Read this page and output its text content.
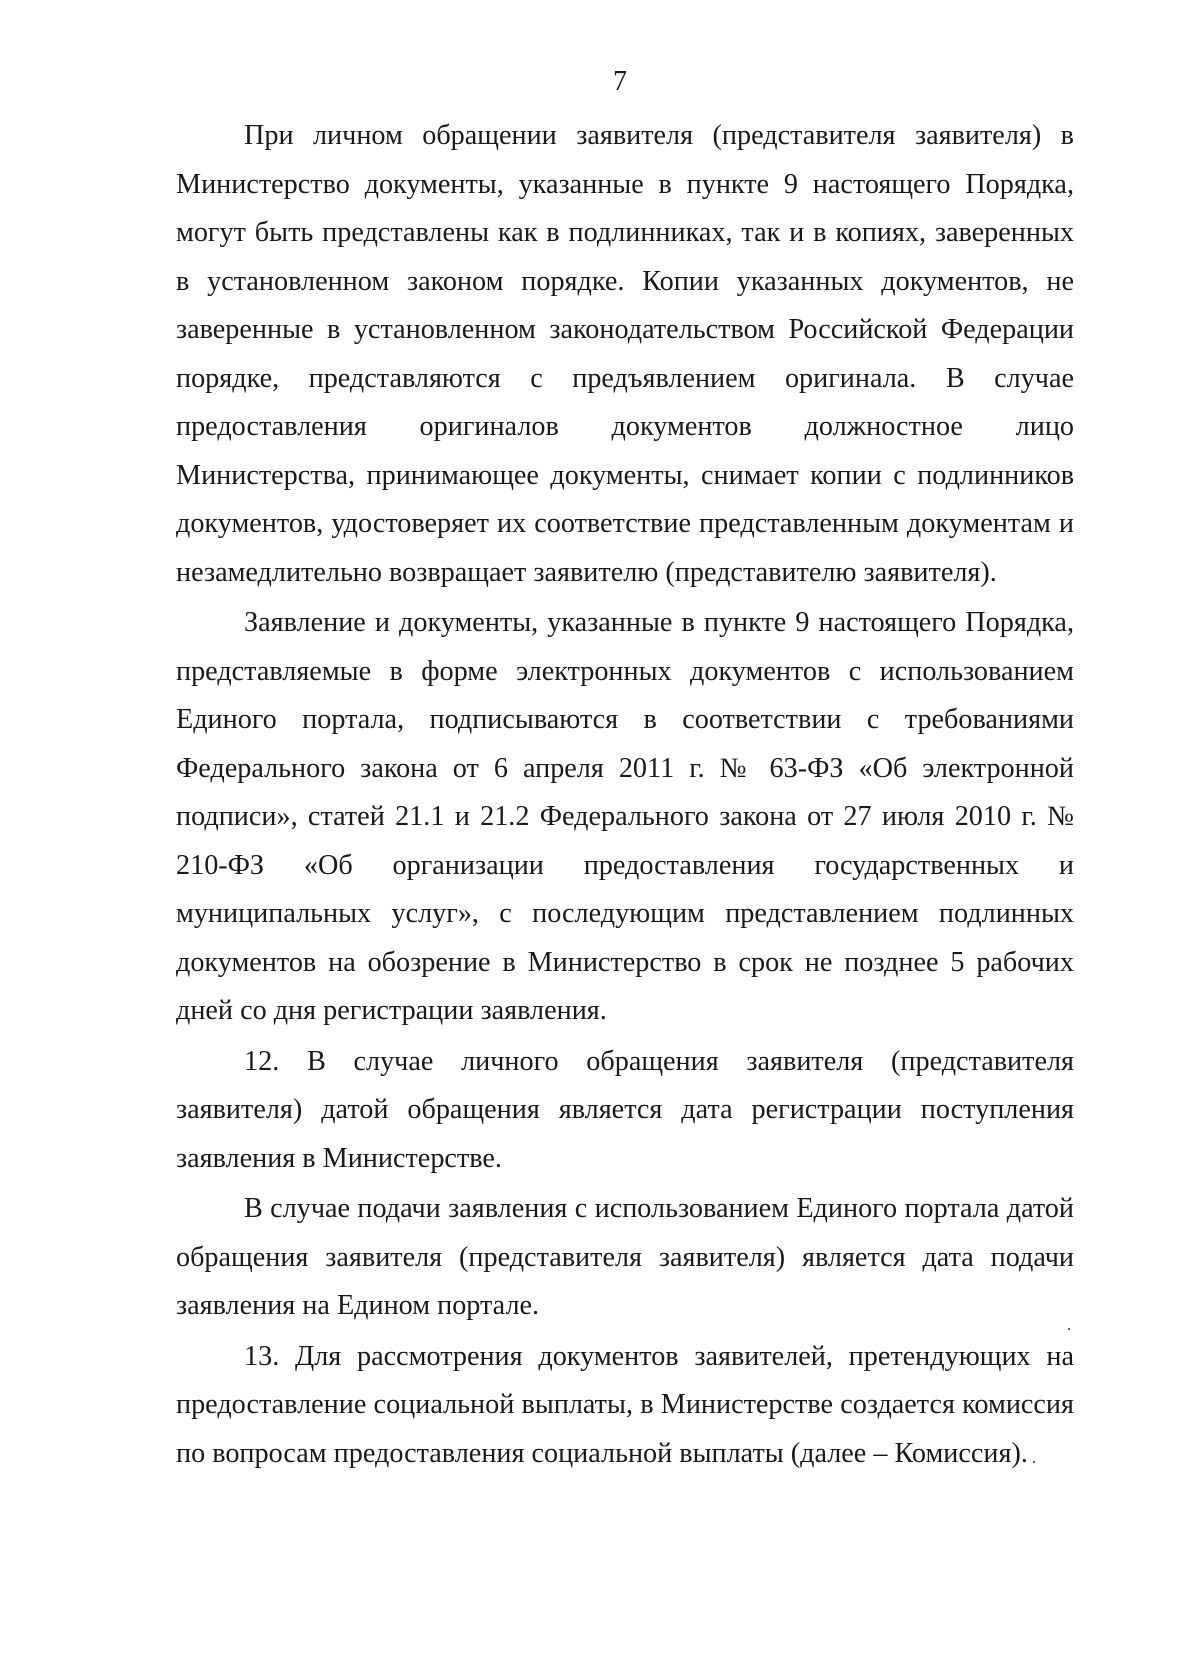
7

При личном обращении заявителя (представителя заявителя) в Министерство документы, указанные в пункте 9 настоящего Порядка, могут быть представлены как в подлинниках, так и в копиях, заверенных в установленном законом порядке. Копии указанных документов, не заверенные в установленном законодательством Российской Федерации порядке, представляются с предъявлением оригинала. В случае предоставления оригиналов документов должностное лицо Министерства, принимающее документы, снимает копии с подлинников документов, удостоверяет их соответствие представленным документам и незамедлительно возвращает заявителю (представителю заявителя).

Заявление и документы, указанные в пункте 9 настоящего Порядка, представляемые в форме электронных документов с использованием Единого портала, подписываются в соответствии с требованиями Федерального закона от 6 апреля 2011 г. № 63-ФЗ «Об электронной подписи», статей 21.1 и 21.2 Федерального закона от 27 июля 2010 г. № 210-ФЗ «Об организации предоставления государственных и муниципальных услуг», с последующим представлением подлинных документов на обозрение в Министерство в срок не позднее 5 рабочих дней со дня регистрации заявления.

12. В случае личного обращения заявителя (представителя заявителя) датой обращения является дата регистрации поступления заявления в Министерстве.

В случае подачи заявления с использованием Единого портала датой обращения заявителя (представителя заявителя) является дата подачи заявления на Едином портале.

13. Для рассмотрения документов заявителей, претендующих на предоставление социальной выплаты, в Министерстве создается комиссия по вопросам предоставления социальной выплаты (далее – Комиссия).
